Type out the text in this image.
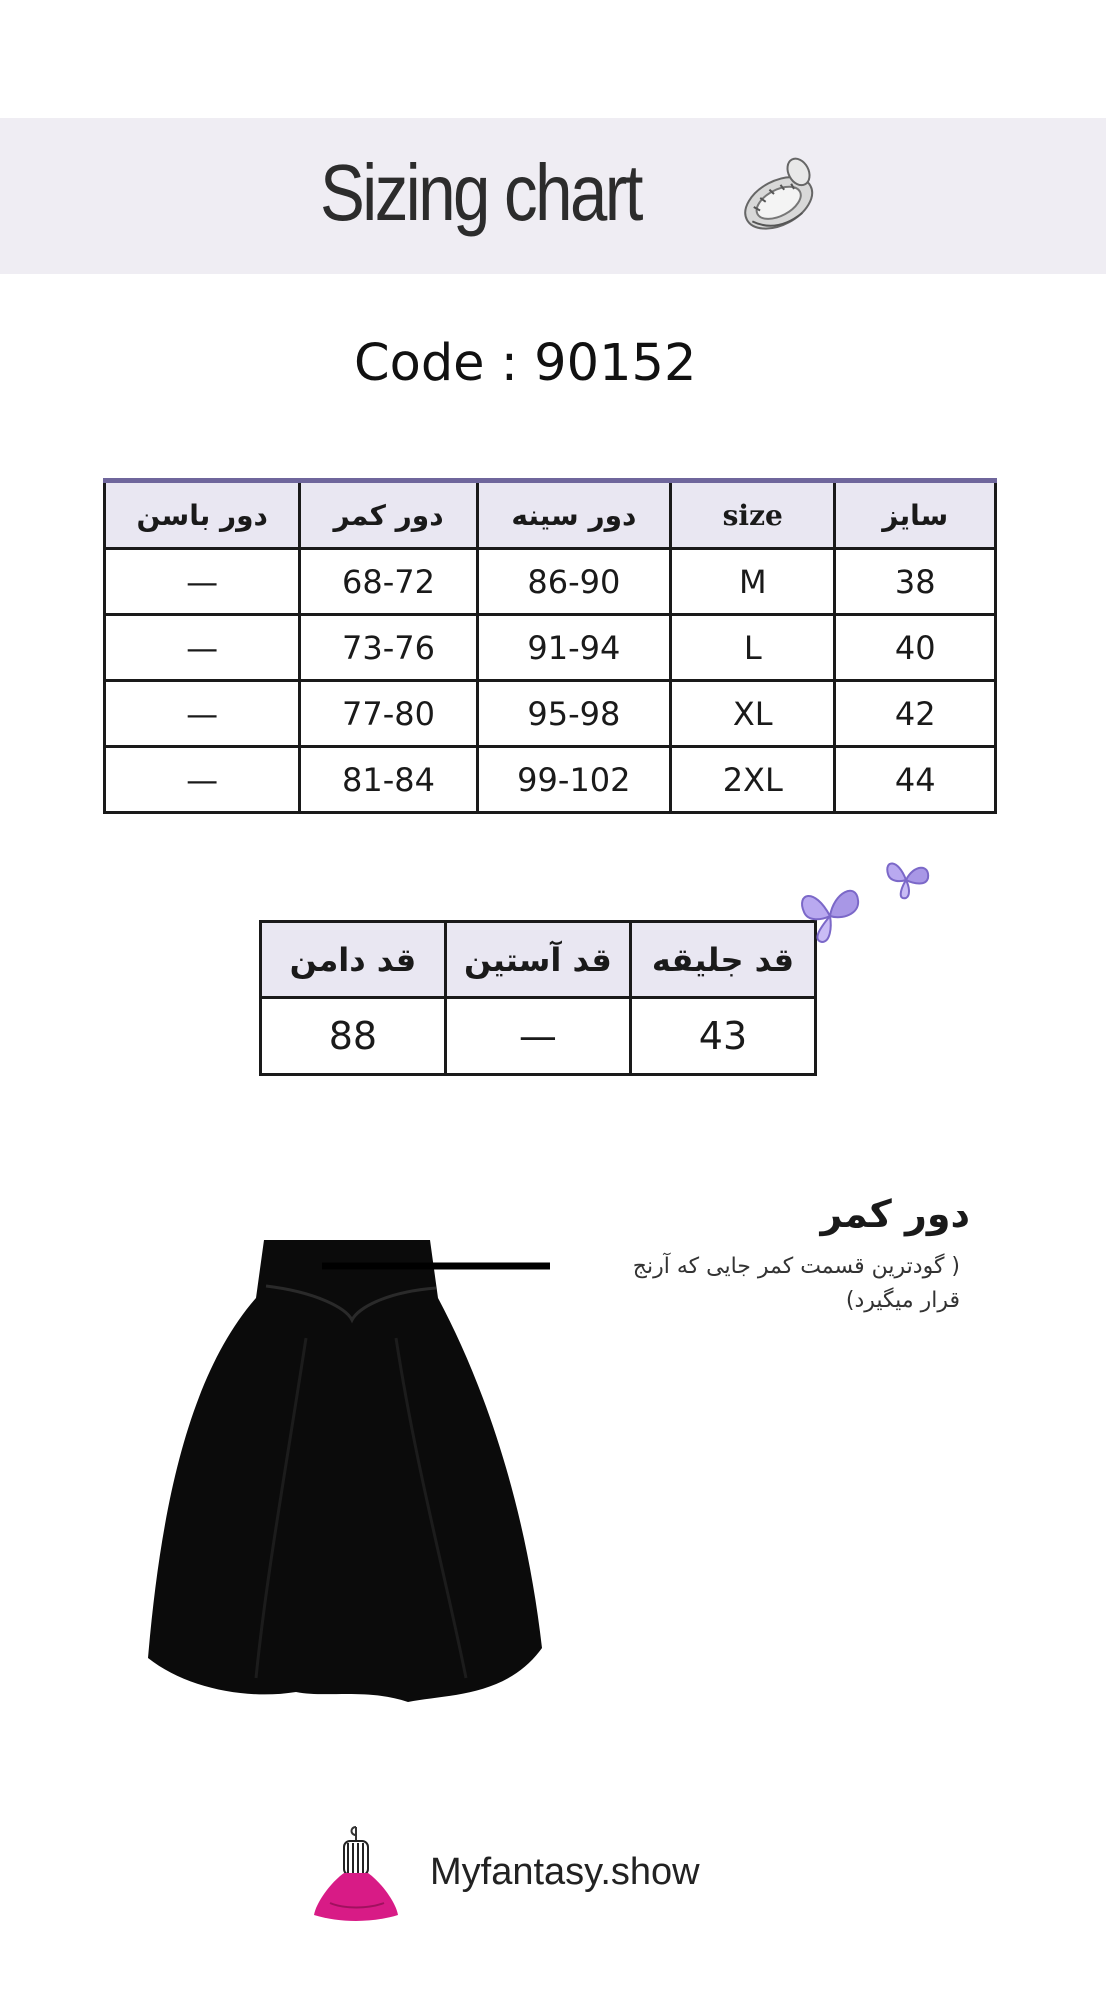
Sizing chart
Code : 90152
دور باسن	دور کمر	دور سینه	size	سایز
—	68-72	86-90	M	38
—	73-76	91-94	L	40
—	77-80	95-98	XL	42
—	81-84	99-102	2XL	44
قد دامن	قد آستین	قد جلیقه
88	—	43
دور کمر
( گودترین قسمت کمر جایی که آرنج قرار میگیرد)
Myfantasy.show
